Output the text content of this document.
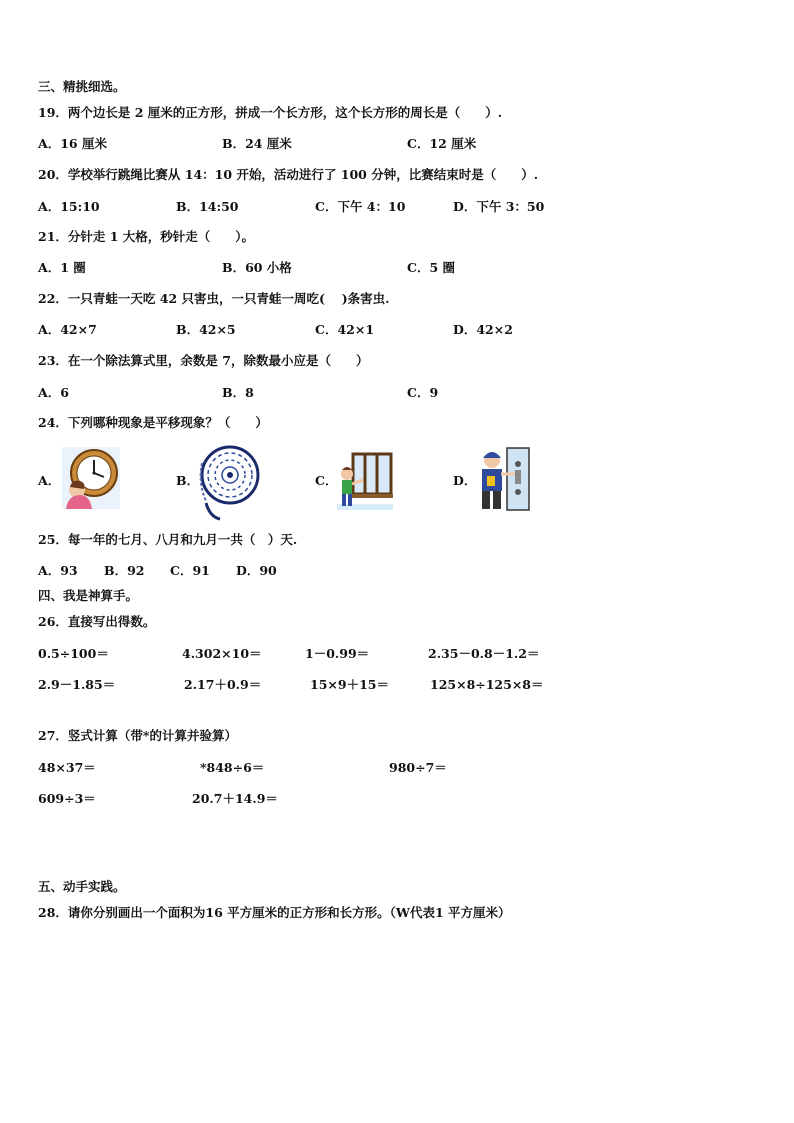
三、精挑细选。
19．两个边长是 2 厘米的正方形，拼成一个长方形，这个长方形的周长是（　　）.
A．16 厘米	B．24 厘米	C．12 厘米
20．学校举行跳绳比赛从 14：10 开始，活动进行了 100 分钟，比赛结束时是（　　）.
A．15:10	B．14:50	C．下午 4：10	D．下午 3：50
21．分针走 1 大格，秒针走（　　）。
A．1 圈	B．60 小格	C．5 圈
22．一只青蛙一天吃 42 只害虫，一只青蛙一周吃(　 )条害虫.
A．42×7	B．42×5	C．42×1	D．42×2
23．在一个除法算式里，余数是 7，除数最小应是（　　）
A．6	B．8	C．9
24．下列哪种现象是平移现象？（　　）
A．	B．	C．	D．
25．每一年的七月、八月和九月一共（　）天.
A．93 B．92 C．91 D．90
四、我是神算手。
26．直接写出得数。
0.5÷100＝	4.302×10＝	1－0.99＝	2.35－0.8－1.2＝
2.9－1.85＝	2.17＋0.9＝	15×9＋15＝	125×8÷125×8＝
27．竖式计算（带*的计算并验算）
48×37＝	*848÷6＝	980÷7＝
609÷3＝	20.7＋14.9＝
五、动手实践。
28．请你分别画出一个面积为16 平方厘米的正方形和长方形。（W代表1 平方厘米）
